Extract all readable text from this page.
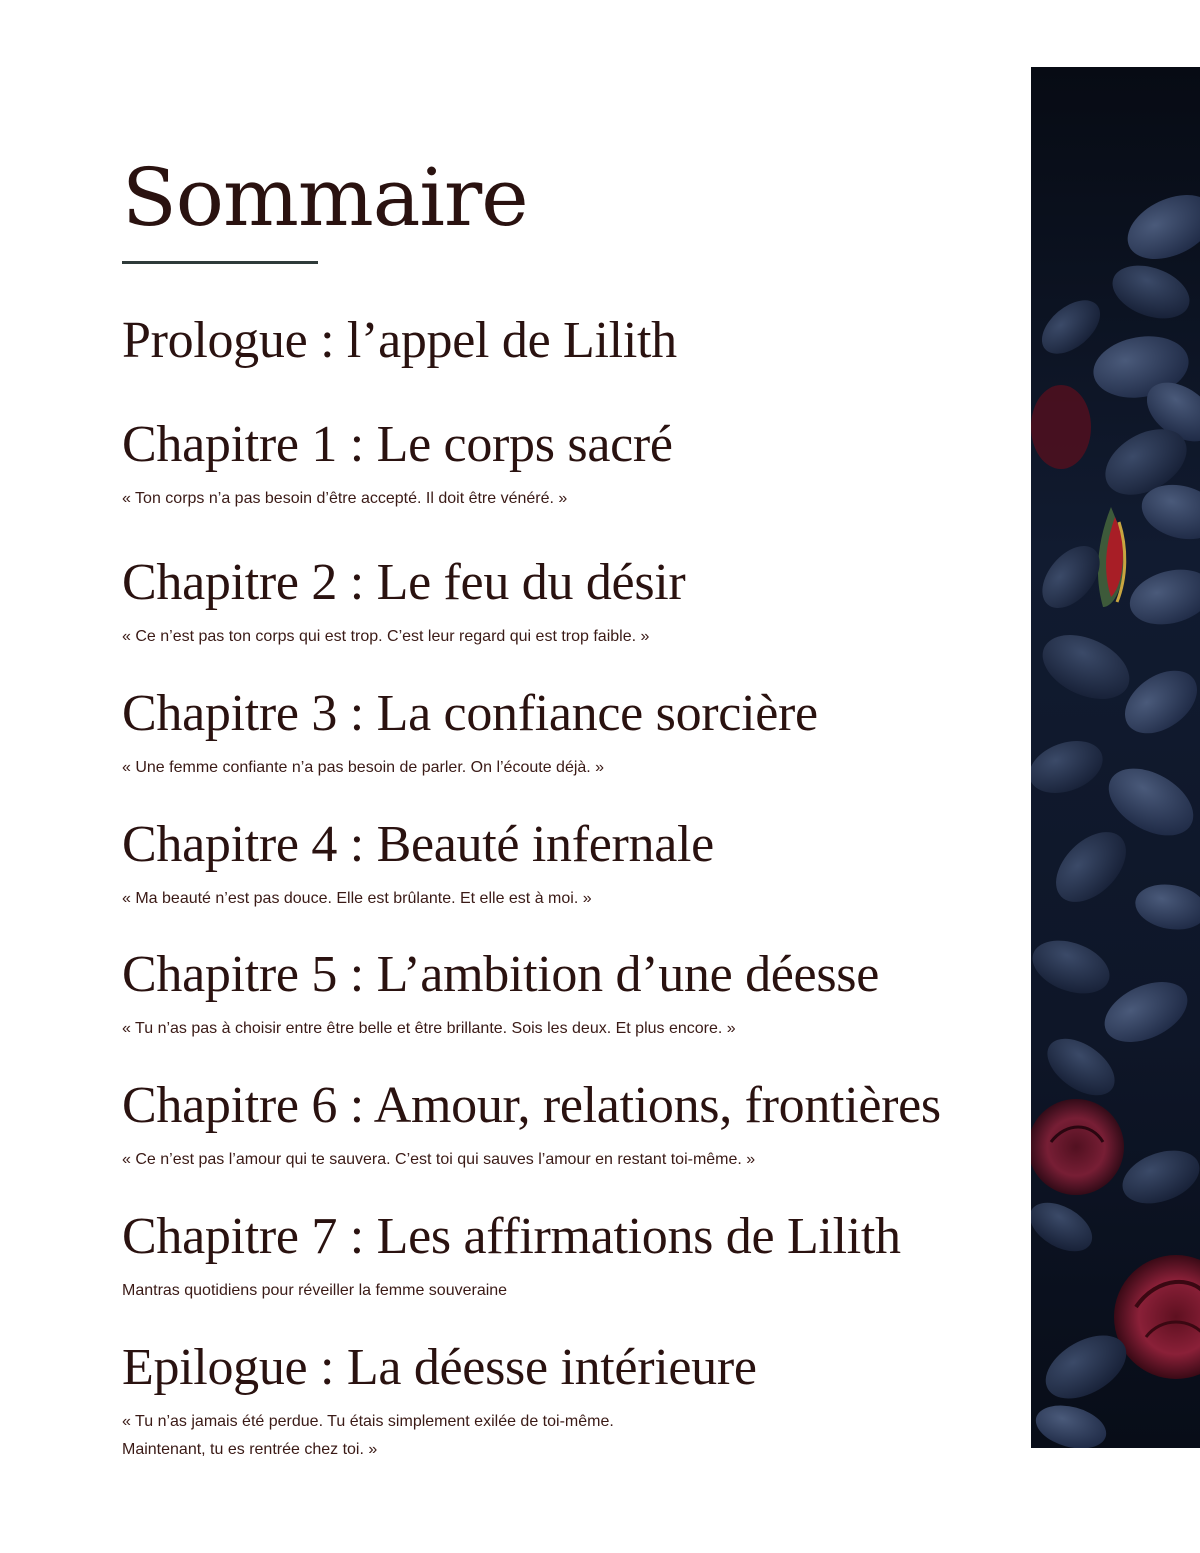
Sommaire
Prologue : l’appel de Lilith
Chapitre 1 : Le corps sacré
« Ton corps n’a pas besoin d’être accepté. Il doit être vénéré. »
Chapitre 2 : Le feu du désir
« Ce n’est pas ton corps qui est trop. C’est leur regard qui est trop faible. »
Chapitre 3 : La confiance sorcière
« Une femme confiante n’a pas besoin de parler. On l’écoute déjà. »
Chapitre 4 : Beauté infernale
« Ma beauté n’est pas douce. Elle est brûlante. Et elle est à moi. »
Chapitre 5 : L’ambition d’une déesse
« Tu n’as pas à choisir entre être belle et être brillante. Sois les deux. Et plus encore. »
Chapitre 6 : Amour, relations, frontières
« Ce n’est pas l’amour qui te sauvera. C’est toi qui sauves l’amour en restant toi-même. »
Chapitre 7 : Les affirmations de Lilith
Mantras quotidiens pour réveiller la femme souveraine
Epilogue : La déesse intérieure
« Tu n’as jamais été perdue. Tu étais simplement exilée de toi-même.
Maintenant, tu es rentrée chez toi. »
